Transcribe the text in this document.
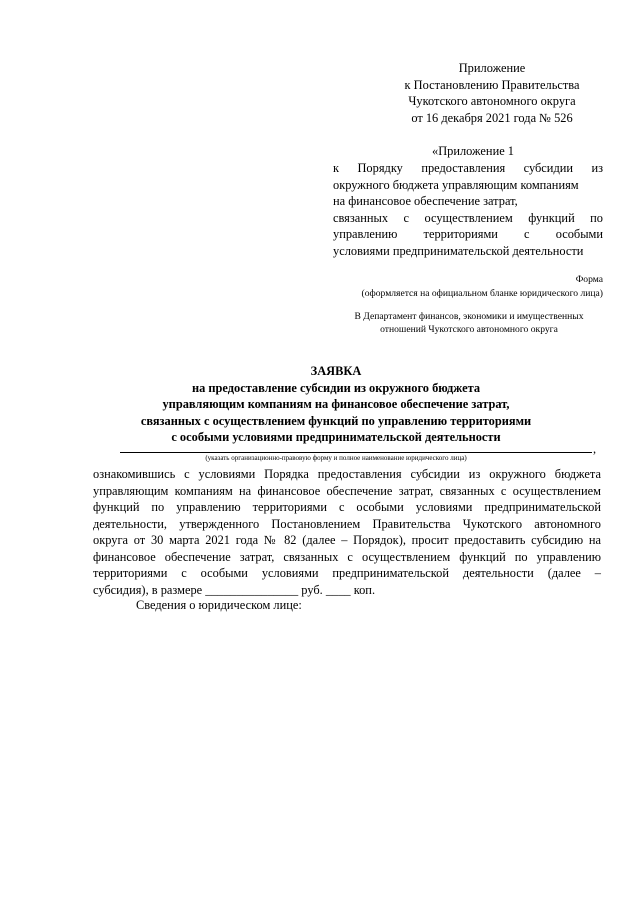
Приложение
к Постановлению Правительства
Чукотского автономного округа
от 16 декабря 2021 года № 526
«Приложение 1
к Порядку предоставления субсидии из
окружного бюджета управляющим компаниям
на финансовое обеспечение затрат,
связанных с осуществлением функций по
управлению территориями с особыми
условиями предпринимательской деятельности
Форма
(оформляется на официальном бланке юридического лица)
В Департамент финансов, экономики и имущественных
отношений Чукотского автономного округа
ЗАЯВКА
на предоставление субсидии из окружного бюджета
управляющим компаниям на финансовое обеспечение затрат,
связанных с осуществлением функций по управлению территориями
с особыми условиями предпринимательской деятельности
,
(указать организационно-правовую форму и полное наименование юридического лица)
ознакомившись с условиями Порядка предоставления субсидии из окружного бюджета
управляющим компаниям на финансовое обеспечение затрат, связанных с осуществлением
функций по управлению территориями с особыми условиями предпринимательской
деятельности, утвержденного Постановлением Правительства Чукотского автономного
округа от 30 марта 2021 года № 82 (далее – Порядок), просит предоставить субсидию на
финансовое обеспечение затрат, связанных с осуществлением функций по управлению
территориями с особыми условиями предпринимательской деятельности (далее –
субсидия), в размере _______________ руб. ____ коп.
Сведения о юридическом лице:
